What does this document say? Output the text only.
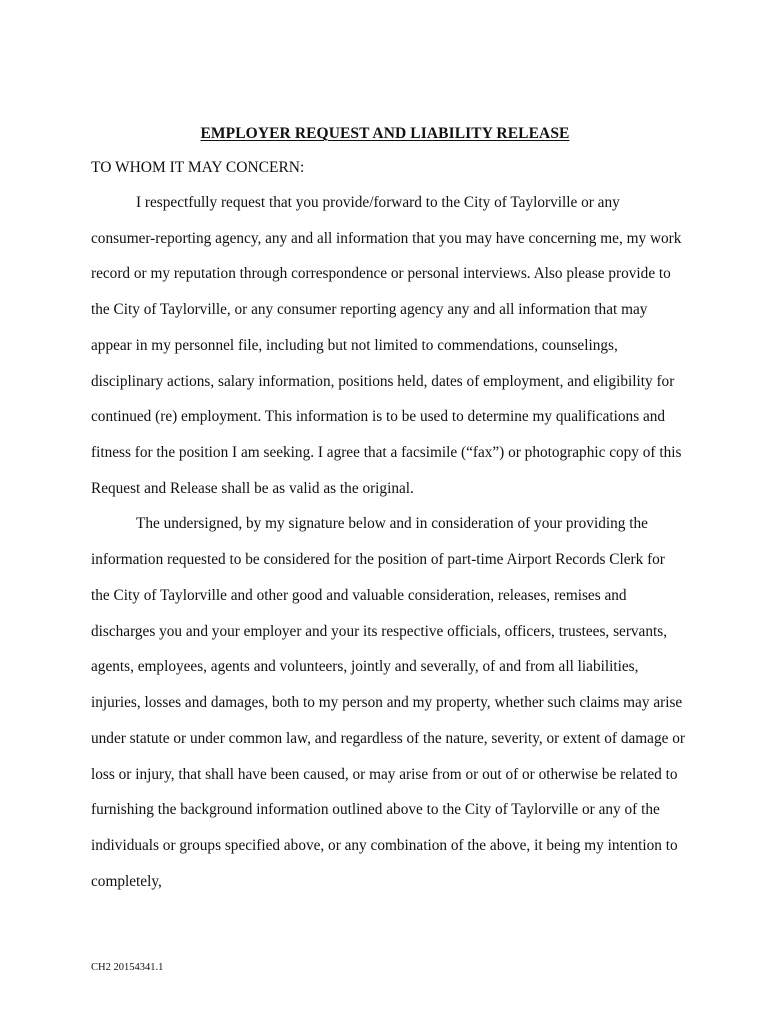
EMPLOYER REQUEST AND LIABILITY RELEASE
TO WHOM IT MAY CONCERN:
I respectfully request that you provide/forward to the City of Taylorville or any
consumer-reporting agency, any and all information that you may have concerning me, my work
record or my reputation through correspondence or personal interviews. Also please provide to
the City of Taylorville, or any consumer reporting agency any and all information that may
appear in my personnel file, including but not limited to commendations, counselings,
disciplinary actions, salary information, positions held, dates of employment, and eligibility for
continued (re) employment. This information is to be used to determine my qualifications and
fitness for the position I am seeking. I agree that a facsimile (“fax”) or photographic copy of this
Request and Release shall be as valid as the original.
The undersigned, by my signature below and in consideration of your providing the
information requested to be considered for the position of part-time Airport Records Clerk for
the City of Taylorville and other good and valuable consideration, releases, remises and
discharges you and your employer and your its respective officials, officers, trustees, servants,
agents, employees, agents and volunteers, jointly and severally, of and from all liabilities,
injuries, losses and damages, both to my person and my property, whether such claims may arise
under statute or under common law, and regardless of the nature, severity, or extent of damage or
loss or injury, that shall have been caused, or may arise from or out of or otherwise be related to
furnishing the background information outlined above to the City of Taylorville or any of the
individuals or groups specified above, or any combination of the above, it being my intention to
completely,
CH2 20154341.1
